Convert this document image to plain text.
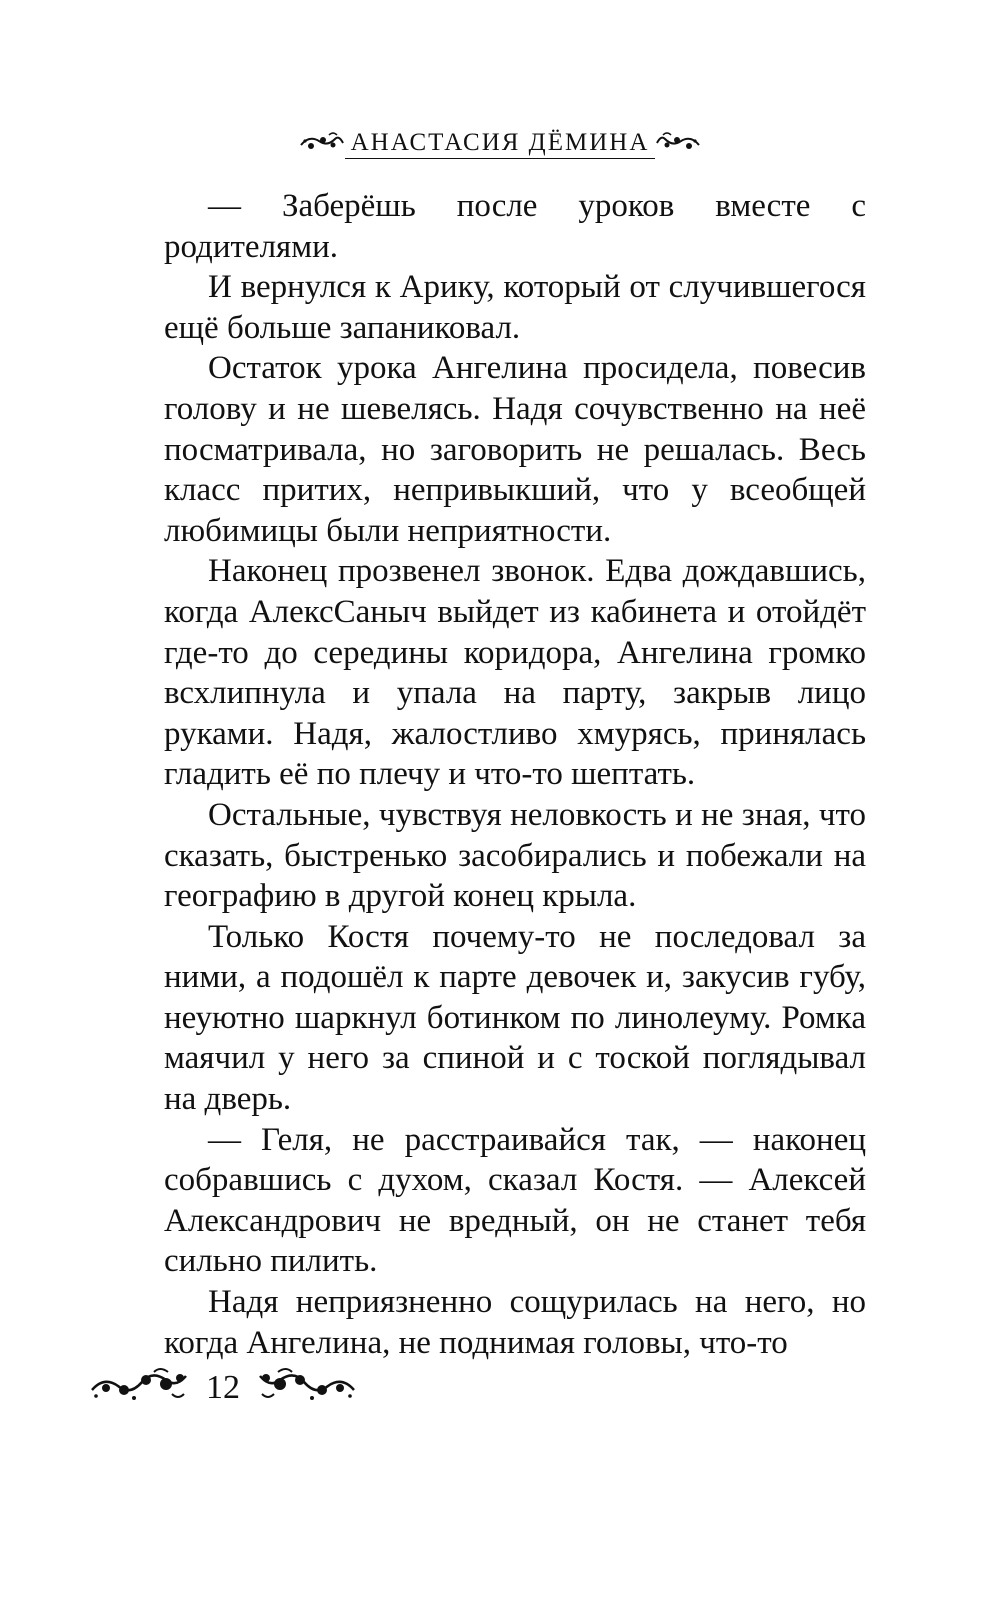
АНАСТАСИЯ ДЁМИНА

— Заберёшь после уроков вместе с родителями.

И вернулся к Арику, который от случившегося ещё больше запаниковал.

Остаток урока Ангелина просидела, повесив голову и не шевелясь. Надя сочувственно на неё посматривала, но заговорить не решалась. Весь класс притих, непривыкший, что у всеобщей любимицы были неприятности.

Наконец прозвенел звонок. Едва дождавшись, когда АлексСаныч выйдет из кабинета и отойдёт где-то до середины коридора, Ангелина громко всхлипнула и упала на парту, закрыв лицо руками. Надя, жалостливо хмурясь, принялась гладить её по плечу и что-то шептать.

Остальные, чувствуя неловкость и не зная, что сказать, быстренько засобирались и побежали на географию в другой конец крыла.

Только Костя почему-то не последовал за ними, а подошёл к парте девочек и, закусив губу, неуютно шаркнул ботинком по линолеуму. Ромка маячил у него за спиной и с тоской поглядывал на дверь.

— Геля, не расстраивайся так, — наконец собравшись с духом, сказал Костя. — Алексей Александрович не вредный, он не станет тебя сильно пилить.

Надя неприязненно сощурилась на него, но когда Ангелина, не поднимая головы, что-то

12
